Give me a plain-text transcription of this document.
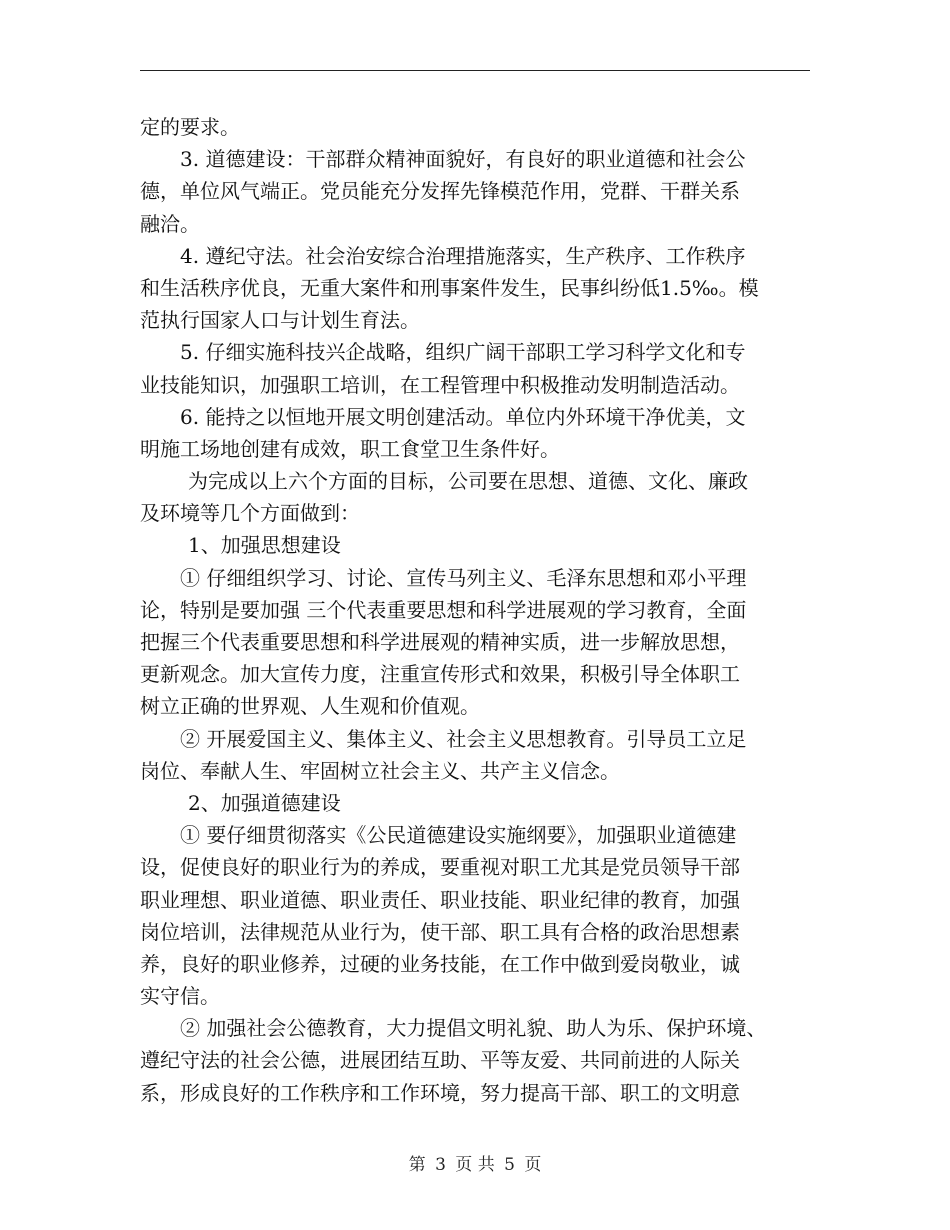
定的要求。
3. 道德建设：干部群众精神面貌好，有良好的职业道德和社会公
德，单位风气端正。党员能充分发挥先锋模范作用，党群、干群关系
融洽。
4. 遵纪守法。社会治安综合治理措施落实，生产秩序、工作秩序
和生活秩序优良，无重大案件和刑事案件发生，民事纠纷低1.5‰。模
范执行国家人口与计划生育法。
5. 仔细实施科技兴企战略，组织广阔干部职工学习科学文化和专
业技能知识，加强职工培训，在工程管理中积极推动发明制造活动。
6. 能持之以恒地开展文明创建活动。单位内外环境干净优美，文
明施工场地创建有成效，职工食堂卫生条件好。
为完成以上六个方面的目标，公司要在思想、道德、文化、廉政
及环境等几个方面做到：
1、加强思想建设
① 仔细组织学习、讨论、宣传马列主义、毛泽东思想和邓小平理
论，特别是要加强 三个代表重要思想和科学进展观的学习教育，全面
把握三个代表重要思想和科学进展观的精神实质，进一步解放思想，
更新观念。加大宣传力度，注重宣传形式和效果，积极引导全体职工
树立正确的世界观、人生观和价值观。
② 开展爱国主义、集体主义、社会主义思想教育。引导员工立足
岗位、奉献人生、牢固树立社会主义、共产主义信念。
2、加强道德建设
① 要仔细贯彻落实《公民道德建设实施纲要》，加强职业道德建
设，促使良好的职业行为的养成，要重视对职工尤其是党员领导干部
职业理想、职业道德、职业责任、职业技能、职业纪律的教育，加强
岗位培训，法律规范从业行为，使干部、职工具有合格的政治思想素
养，良好的职业修养，过硬的业务技能，在工作中做到爱岗敬业，诚
实守信。
② 加强社会公德教育，大力提倡文明礼貌、助人为乐、保护环境、
遵纪守法的社会公德，进展团结互助、平等友爱、共同前进的人际关
系，形成良好的工作秩序和工作环境，努力提高干部、职工的文明意
第 3 页 共 5 页
